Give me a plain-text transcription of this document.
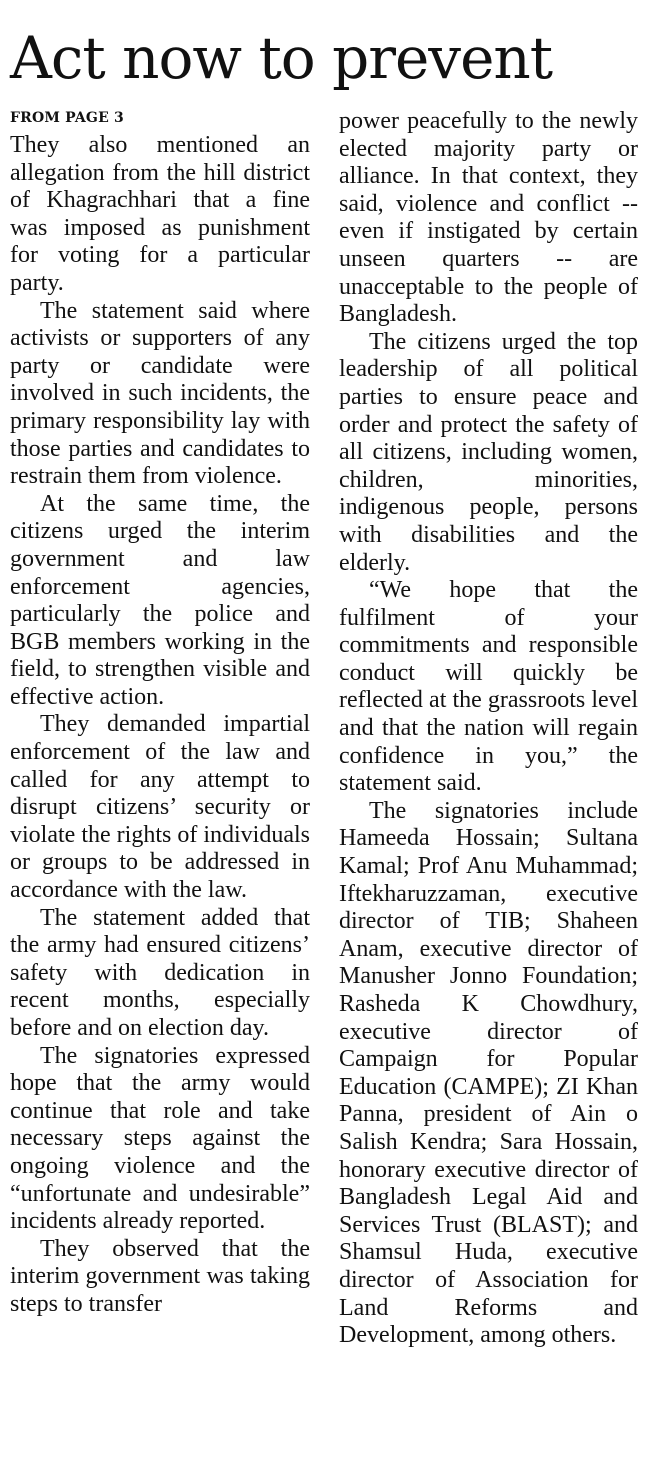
Act now to prevent
FROM PAGE 3

They also mentioned an allegation from the hill district of Khagrachhari that a fine was imposed as punishment for voting for a particular party.

The statement said where activists or supporters of any party or candidate were involved in such incidents, the primary responsibility lay with those parties and candidates to restrain them from violence.

At the same time, the citizens urged the interim government and law enforcement agencies, particularly the police and BGB members working in the field, to strengthen visible and effective action.

They demanded impartial enforcement of the law and called for any attempt to disrupt citizens’ security or violate the rights of individuals or groups to be addressed in accordance with the law.

The statement added that the army had ensured citizens’ safety with dedication in recent months, especially before and on election day.

The signatories expressed hope that the army would continue that role and take necessary steps against the ongoing violence and the “unfortunate and undesirable” incidents already reported.

They observed that the interim government was taking steps to transfer

power peacefully to the newly elected majority party or alliance. In that context, they said, violence and conflict -- even if instigated by certain unseen quarters -- are unacceptable to the people of Bangladesh.

The citizens urged the top leadership of all political parties to ensure peace and order and protect the safety of all citizens, including women, children, minorities, indigenous people, persons with disabilities and the elderly.

“We hope that the fulfilment of your commitments and responsible conduct will quickly be reflected at the grassroots level and that the nation will regain confidence in you,” the statement said.

The signatories include Hameeda Hossain; Sultana Kamal; Prof Anu Muhammad; Iftekharuzzaman, executive director of TIB; Shaheen Anam, executive director of Manusher Jonno Foundation; Rasheda K Chowdhury, executive director of Campaign for Popular Education (CAMPE); ZI Khan Panna, president of Ain o Salish Kendra; Sara Hossain, honorary executive director of Bangladesh Legal Aid and Services Trust (BLAST); and Shamsul Huda, executive director of Association for Land Reforms and Development, among others.
